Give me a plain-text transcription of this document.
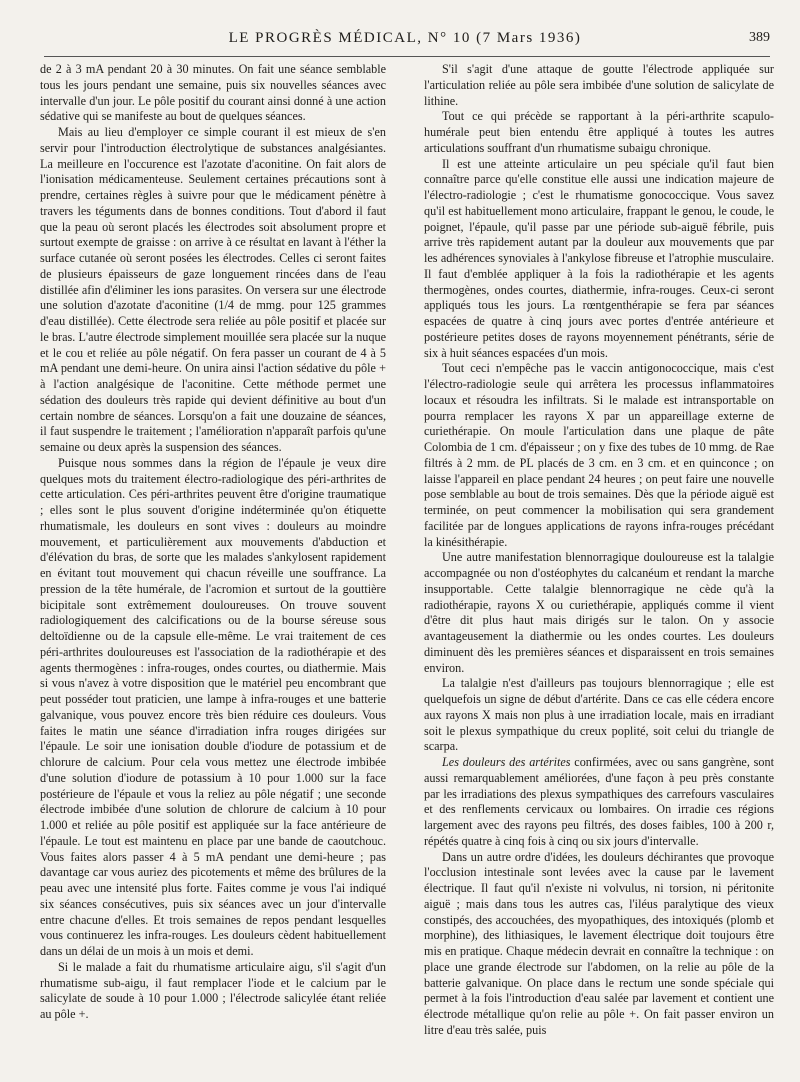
LE PROGRÈS MÉDICAL, N° 10 (7 Mars 1936)	389

de 2 à 3 mA pendant 20 à 30 minutes. On fait une séance semblable tous les jours pendant une semaine, puis six nouvelles séances avec intervalle d'un jour. Le pôle positif du courant ainsi donné à une action sédative qui se manifeste au bout de quelques séances.

Mais au lieu d'employer ce simple courant il est mieux de s'en servir pour l'introduction électrolytique de substances analgésiantes. La meilleure en l'occurence est l'azotate d'aconitine. On fait alors de l'ionisation médicamenteuse. Seulement certaines précautions sont à prendre, certaines règles à suivre pour que le médicament pénètre à travers les téguments dans de bonnes conditions. Tout d'abord il faut que la peau où seront placés les électrodes soit absolument propre et surtout exempte de graisse : on arrive à ce résultat en lavant à l'éther la surface cutanée où seront posées les électrodes. Celles ci seront faites de plusieurs épaisseurs de gaze longuement rincées dans de l'eau distillée afin d'éliminer les ions parasites. On versera sur une électrode une solution d'azotate d'aconitine (1/4 de mmg. pour 125 grammes d'eau distillée). Cette électrode sera reliée au pôle positif et placée sur le bras. L'autre électrode simplement mouillée sera placée sur la nuque et le cou et reliée au pôle négatif. On fera passer un courant de 4 à 5 mA pendant une demi-heure. On unira ainsi l'action sédative du pôle + à l'action analgésique de l'aconitine. Cette méthode permet une sédation des douleurs très rapide qui devient définitive au bout d'un certain nombre de séances. Lorsqu'on a fait une douzaine de séances, il faut suspendre le traitement ; l'amélioration n'apparaît parfois qu'une semaine ou deux après la suspension des séances.

Puisque nous sommes dans la région de l'épaule je veux dire quelques mots du traitement électro-radiologique des péri-arthrites de cette articulation. Ces péri-arthrites peuvent être d'origine traumatique ; elles sont le plus souvent d'origine indéterminée qu'on étiquette rhumatismale, les douleurs en sont vives : douleurs au moindre mouvement, et particulièrement aux mouvements d'abduction et d'élévation du bras, de sorte que les malades s'ankylosent rapidement en évitant tout mouvement qui chacun réveille une souffrance. La pression de la tête humérale, de l'acromion et surtout de la gouttière bicipitale sont extrêmement douloureuses. On trouve souvent radiologiquement des calcifications ou de la bourse séreuse sous deltoïdienne ou de la capsule elle-même. Le vrai traitement de ces péri-arthrites douloureuses est l'association de la radiothérapie et des agents thermogènes : infra-rouges, ondes courtes, ou diathermie. Mais si vous n'avez à votre disposition que le matériel peu encombrant que peut posséder tout praticien, une lampe à infra-rouges et une batterie galvanique, vous pouvez encore très bien réduire ces douleurs. Vous faites le matin une séance d'irradiation infra rouges dirigées sur l'épaule. Le soir une ionisation double d'iodure de potassium et de chlorure de calcium. Pour cela vous mettez une électrode imbibée d'une solution d'iodure de potassium à 10 pour 1.000 sur la face postérieure de l'épaule et vous la reliez au pôle négatif ; une seconde électrode imbibée d'une solution de chlorure de calcium à 10 pour 1.000 et reliée au pôle positif est appliquée sur la face antérieure de l'épaule. Le tout est maintenu en place par une bande de caoutchouc. Vous faites alors passer 4 à 5 mA pendant une demi-heure ; pas davantage car vous auriez des picotements et même des brûlures de la peau avec une intensité plus forte. Faites comme je vous l'ai indiqué six séances consécutives, puis six séances avec un jour d'intervalle entre chacune d'elles. Et trois semaines de repos pendant lesquelles vous continuerez les infra-rouges. Les douleurs cèdent habituellement dans un délai de un mois à un mois et demi.

Si le malade a fait du rhumatisme articulaire aigu, s'il s'agit d'un rhumatisme sub-aigu, il faut remplacer l'iode et le calcium par le salicylate de soude à 10 pour 1.000 ; l'électrode salicylée étant reliée au pôle +.

S'il s'agit d'une attaque de goutte l'électrode appliquée sur l'articulation reliée au pôle sera imbibée d'une solution de salicylate de lithine.

Tout ce qui précède se rapportant à la péri-arthrite scapulo-humérale peut bien entendu être appliqué à toutes les autres articulations souffrant d'un rhumatisme subaigu chronique.

Il est une atteinte articulaire un peu spéciale qu'il faut bien connaître parce qu'elle constitue elle aussi une indication majeure de l'électro-radiologie ; c'est le rhumatisme gonococcique. Vous savez qu'il est habituellement mono articulaire, frappant le genou, le coude, le poignet, l'épaule, qu'il passe par une période sub-aiguë fébrile, puis arrive très rapidement autant par la douleur aux mouvements que par les adhérences synoviales à l'ankylose fibreuse et l'atrophie musculaire. Il faut d'emblée appliquer à la fois la radiothérapie et les agents thermogènes, ondes courtes, diathermie, infra-rouges. Ceux-ci seront appliqués tous les jours. La rœntgenthérapie se fera par séances espacées de quatre à cinq jours avec portes d'entrée antérieure et postérieure petites doses de rayons moyennement pénétrants, série de six à huit séances espacées d'un mois.

Tout ceci n'empêche pas le vaccin antigonococcique, mais c'est l'électro-radiologie seule qui arrêtera les processus inflammatoires locaux et résoudra les infiltrats. Si le malade est intransportable on pourra remplacer les rayons X par un appareillage externe de curiethérapie. On moule l'articulation dans une plaque de pâte Colombia de 1 cm. d'épaisseur ; on y fixe des tubes de 10 mmg. de Rae filtrés à 2 mm. de PL placés de 3 cm. en 3 cm. et en quinconce ; on laisse l'appareil en place pendant 24 heures ; on peut faire une nouvelle pose semblable au bout de trois semaines. Dès que la période aiguë est terminée, on peut commencer la mobilisation qui sera grandement facilitée par de longues applications de rayons infra-rouges précédant la kinésithérapie.

Une autre manifestation blennorragique douloureuse est la talalgie accompagnée ou non d'ostéophytes du calcanéum et rendant la marche insupportable. Cette talalgie blennorragique ne cède qu'à la radiothérapie, rayons X ou curiethérapie, appliqués comme il vient d'être dit plus haut mais dirigés sur le talon. On y associe avantageusement la diathermie ou les ondes courtes. Les douleurs diminuent dès les premières séances et disparaissent en trois semaines environ.

La talalgie n'est d'ailleurs pas toujours blennorragique ; elle est quelquefois un signe de début d'artérite. Dans ce cas elle cédera encore aux rayons X mais non plus à une irradiation locale, mais en irradiant soit le plexus sympathique du creux poplité, soit celui du triangle de scarpa.

Les douleurs des artérites confirmées, avec ou sans gangrène, sont aussi remarquablement améliorées, d'une façon à peu près constante par les irradiations des plexus sympathiques des carrefours vasculaires et des renflements cervicaux ou lombaires. On irradie ces régions largement avec des rayons peu filtrés, des doses faibles, 100 à 200 r, répétés quatre à cinq fois à cinq ou six jours d'intervalle.

Dans un autre ordre d'idées, les douleurs déchirantes que provoque l'occlusion intestinale sont levées avec la cause par le lavement électrique. Il faut qu'il n'existe ni volvulus, ni torsion, ni péritonite aiguë ; mais dans tous les autres cas, l'iléus paralytique des vieux constipés, des accouchées, des myopathiques, des intoxiqués (plomb et morphine), des lithiasiques, le lavement électrique doit toujours être mis en pratique. Chaque médecin devrait en connaître la technique : on place une grande électrode sur l'abdomen, on la relie au pôle de la batterie galvanique. On place dans le rectum une sonde spéciale qui permet à la fois l'introduction d'eau salée par lavement et contient une électrode métallique qu'on relie au pôle +. On fait passer environ un litre d'eau très salée, puis
